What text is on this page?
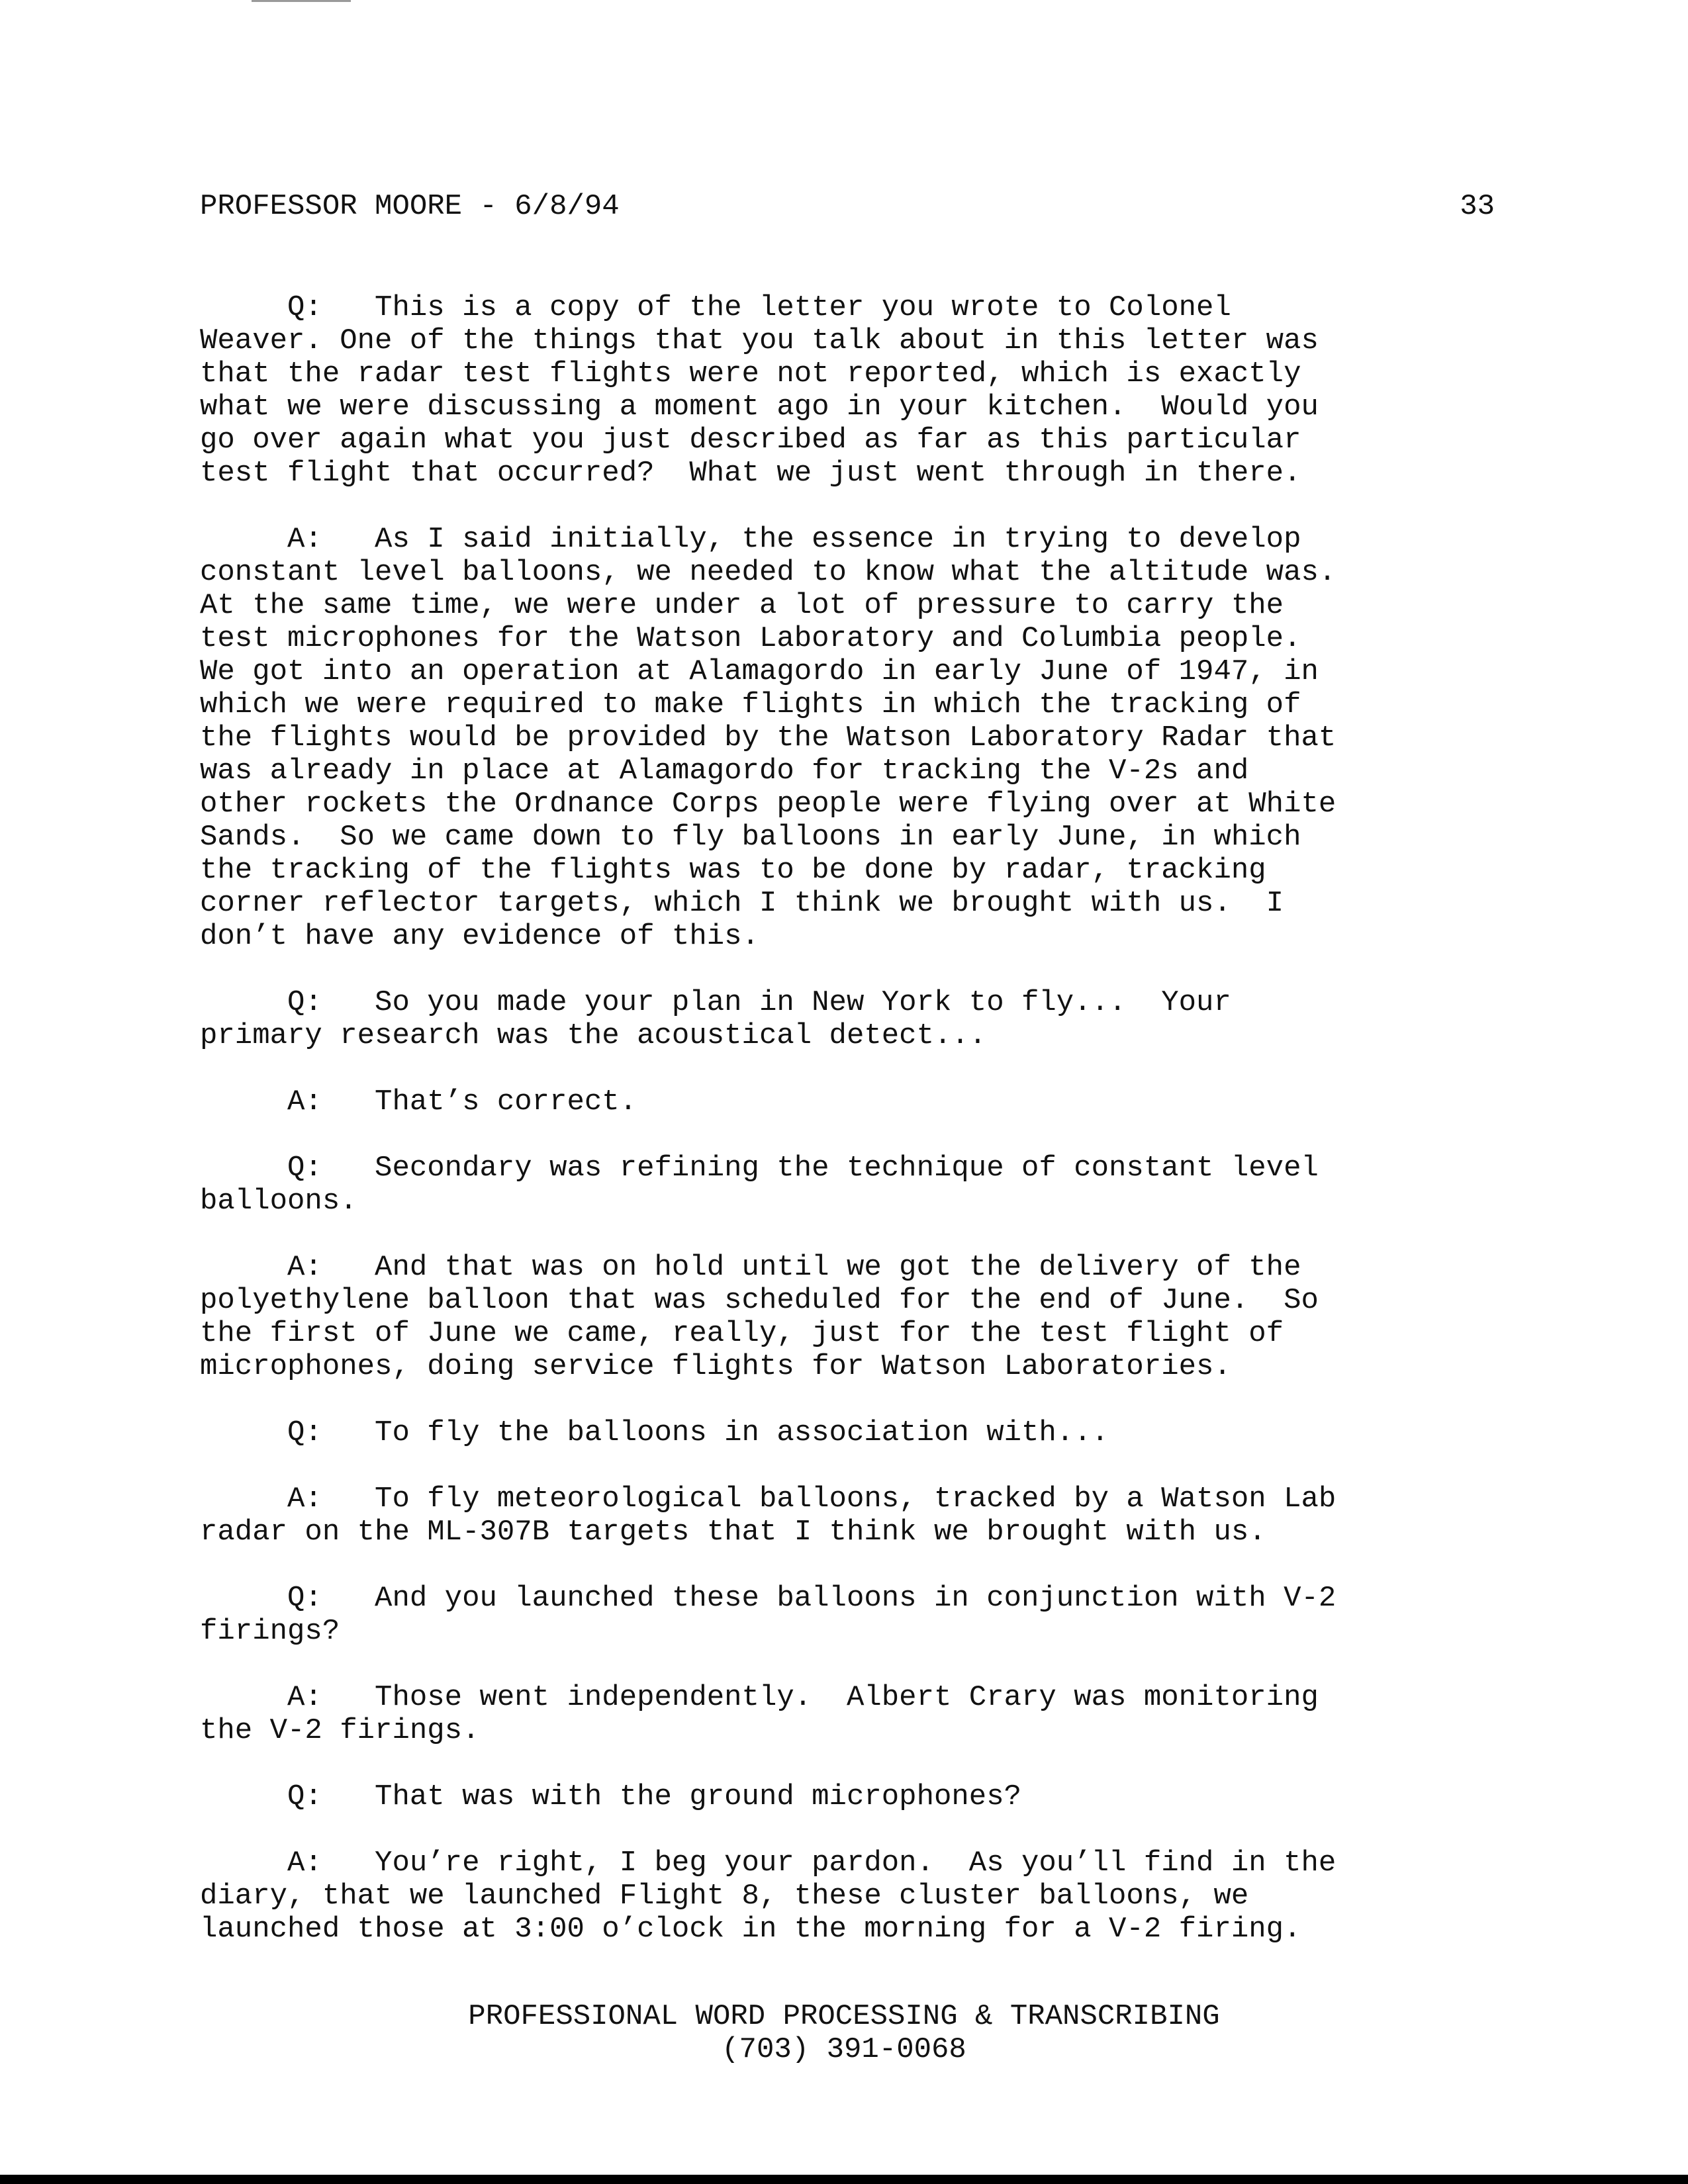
PROFESSOR MOORE - 6/8/94	33

Q:   This is a copy of the letter you wrote to Colonel
Weaver. One of the things that you talk about in this letter was
that the radar test flights were not reported, which is exactly
what we were discussing a moment ago in your kitchen.  Would you
go over again what you just described as far as this particular
test flight that occurred?  What we just went through in there.

A:   As I said initially, the essence in trying to develop
constant level balloons, we needed to know what the altitude was.
At the same time, we were under a lot of pressure to carry the
test microphones for the Watson Laboratory and Columbia people.
We got into an operation at Alamagordo in early June of 1947, in
which we were required to make flights in which the tracking of
the flights would be provided by the Watson Laboratory Radar that
was already in place at Alamagordo for tracking the V-2s and
other rockets the Ordnance Corps people were flying over at White
Sands.  So we came down to fly balloons in early June, in which
the tracking of the flights was to be done by radar, tracking
corner reflector targets, which I think we brought with us.  I
don’t have any evidence of this.

Q:   So you made your plan in New York to fly...  Your
primary research was the acoustical detect...

A:   That’s correct.

Q:   Secondary was refining the technique of constant level
balloons.

A:   And that was on hold until we got the delivery of the
polyethylene balloon that was scheduled for the end of June.  So
the first of June we came, really, just for the test flight of
microphones, doing service flights for Watson Laboratories.

Q:   To fly the balloons in association with...

A:   To fly meteorological balloons, tracked by a Watson Lab
radar on the ML-307B targets that I think we brought with us.

Q:   And you launched these balloons in conjunction with V-2
firings?

A:   Those went independently.  Albert Crary was monitoring
the V-2 firings.

Q:   That was with the ground microphones?

A:   You’re right, I beg your pardon.  As you’ll find in the
diary, that we launched Flight 8, these cluster balloons, we
launched those at 3:00 o’clock in the morning for a V-2 firing.

PROFESSIONAL WORD PROCESSING & TRANSCRIBING
(703) 391-0068
